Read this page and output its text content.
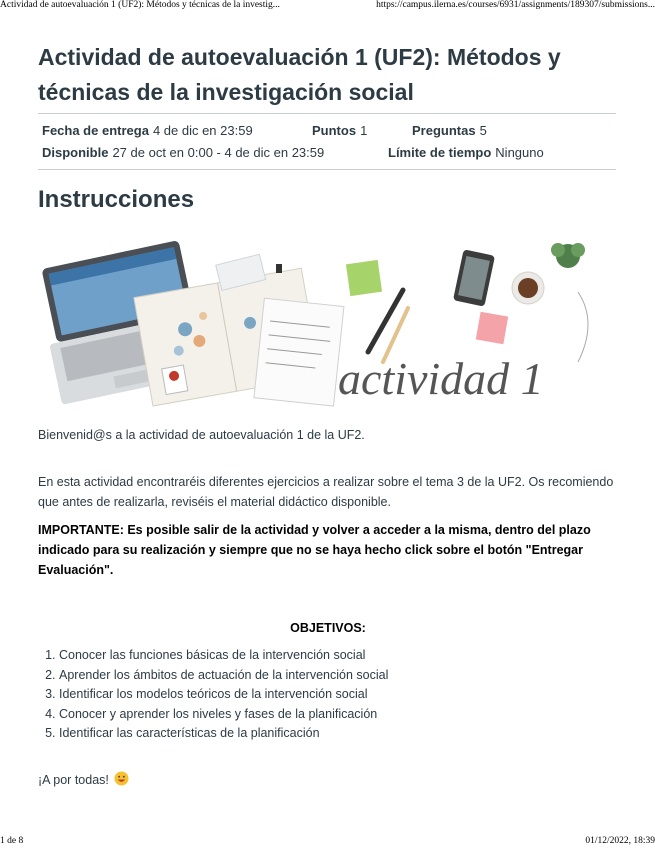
Actividad de autoevaluación 1 (UF2): Métodos y técnicas de la investig...	https://campus.ilerna.es/courses/6931/assignments/189307/submissions...
Actividad de autoevaluación 1 (UF2): Métodos y técnicas de la investigación social
Fecha de entrega 4 de dic en 23:59	Puntos 1	Preguntas 5
Disponible 27 de oct en 0:00 - 4 de dic en 23:59	Límite de tiempo Ninguno
Instrucciones
actividad 1

Bienvenid@s a la actividad de autoevaluación 1 de la UF2.

En esta actividad encontraréis diferentes ejercicios a realizar sobre el tema 3 de la UF2. Os recomiendo que antes de realizarla, reviséis el material didáctico disponible.

IMPORTANTE: Es posible salir de la actividad y volver a acceder a la misma, dentro del plazo indicado para su realización y siempre que no se haya hecho click sobre el botón "Entregar Evaluación".

OBJETIVOS:

1. Conocer las funciones básicas de la intervención social
2. Aprender los ámbitos de actuación de la intervención social
3. Identificar los modelos teóricos de la intervención social
4. Conocer y aprender los niveles y fases de la planificación
5. Identificar las características de la planificación

¡A por todas!

1 de 8	01/12/2022, 18:39
